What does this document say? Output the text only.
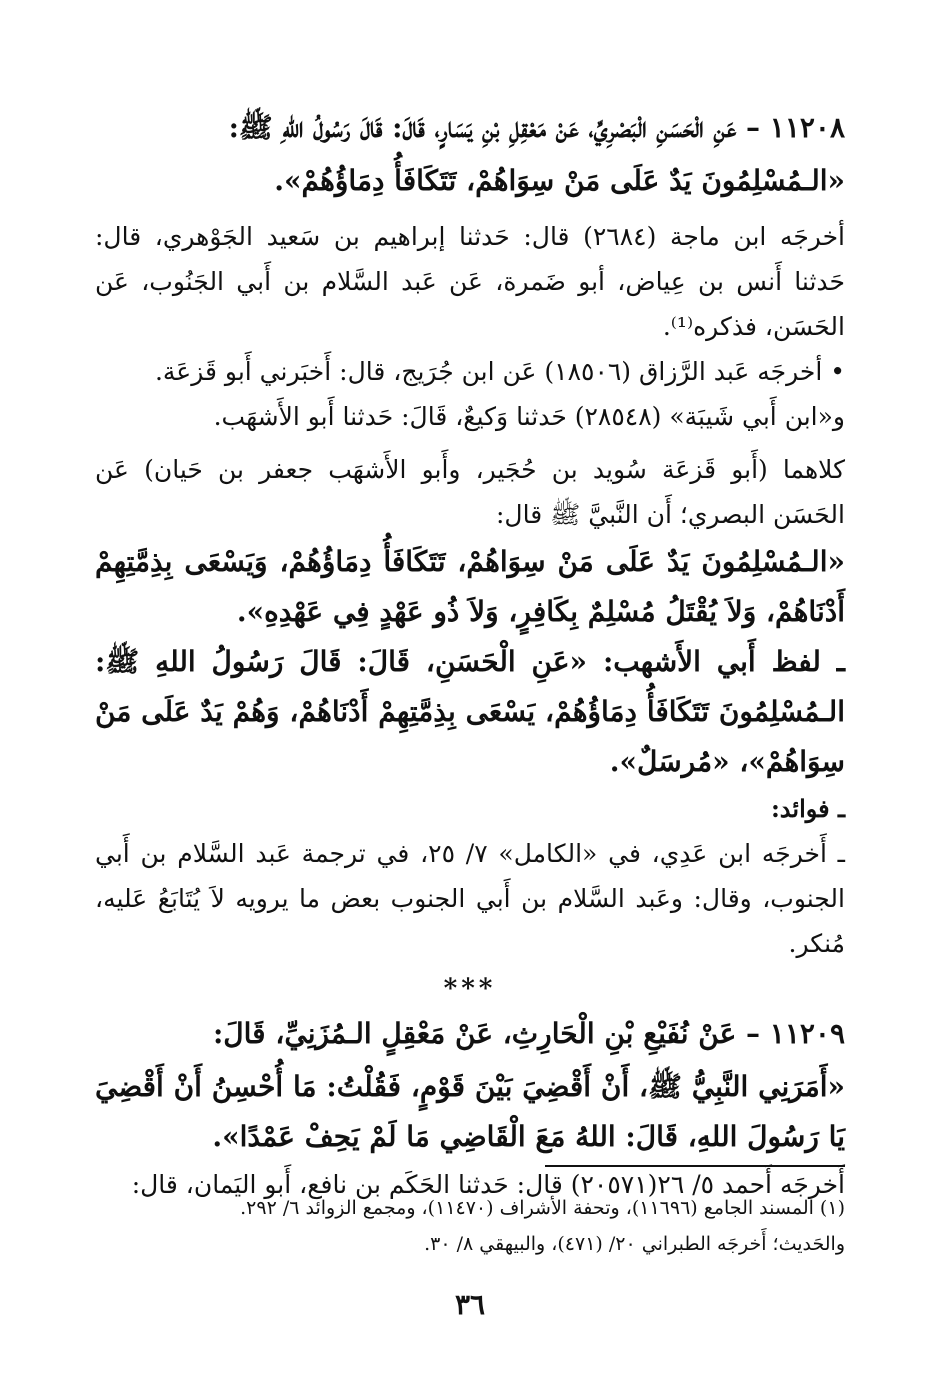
١١٢٠٨ – عَنِ الْحَسَنِ الْبَصْرِيِّ، عَنْ مَعْقِلِ بْنِ يَسَارٍ، قَالَ: قَالَ رَسُولُ اللهِ ﷺ:

«الـمُسْلِمُونَ يَدٌ عَلَى مَنْ سِوَاهُمْ، تَتَكَافَأُ دِمَاؤُهُمْ».

أخرجَه ابن ماجة (٢٦٨٤) قال: حَدثنا إبراهيم بن سَعيد الجَوْهري، قال: حَدثنا أَنس بن عِياض، أبو ضَمرة، عَن عَبد السَّلام بن أَبي الجَنُوب، عَن الحَسَن، فذكره⁽¹⁾.

• أخرجَه عَبد الرَّزاق (١٨٥٠٦) عَن ابن جُرَيج، قال: أَخبَرني أَبو قَزعَة.

و«ابن أَبي شَيبَة» (٢٨٥٤٨) حَدثنا وَكيعٌ، قَالَ: حَدثنا أَبو الأَشهَب.

كلاهما (أَبو قَزعَة سُويد بن حُجَير، وأَبو الأَشهَب جعفر بن حَيان) عَن الحَسَن البصري؛ أَن النَّبيَّ ﷺ قال:

«الـمُسْلِمُونَ يَدٌ عَلَى مَنْ سِوَاهُمْ، تَتَكَافَأُ دِمَاؤُهُمْ، وَيَسْعَى بِذِمَّتِهِمْ أَدْنَاهُمْ، وَلاَ يُقْتَلُ مُسْلِمٌ بِكَافِرٍ، وَلاَ ذُو عَهْدٍ فِي عَهْدِهِ».

ـ لفظ أَبي الأَشهب: «عَنِ الْحَسَنِ، قَالَ: قَالَ رَسُولُ اللهِ ﷺ: الـمُسْلِمُونَ تَتَكَافَأُ دِمَاؤُهُمْ، يَسْعَى بِذِمَّتِهِمْ أَدْنَاهُمْ، وَهُمْ يَدٌ عَلَى مَنْ سِوَاهُمْ»، «مُرسَلٌ».

ـ فوائد:

ـ أَخرجَه ابن عَدِي، في «الكامل» ٧/ ٢٥، في ترجمة عَبد السَّلام بن أَبي الجنوب، وقال: وعَبد السَّلام بن أَبي الجنوب بعض ما يرويه لاَ يُتَابَعُ عَليه، مُنكر.

***

١١٢٠٩ – عَنْ نُفَيْعِ بْنِ الْحَارِثِ، عَنْ مَعْقِلٍ الـمُزَنِيِّ، قَالَ:

«أَمَرَنِي النَّبِيُّ ﷺ، أَنْ أَقْضِيَ بَيْنَ قَوْمٍ، فَقُلْتُ: مَا أُحْسِنُ أَنْ أَقْضِيَ يَا رَسُولَ اللهِ، قَالَ: اللهُ مَعَ الْقَاضِي مَا لَمْ يَحِفْ عَمْدًا».

أَخرجَه أَحمد ٥/ ٢٦(٢٠٥٧١) قال: حَدثنا الحَكَم بن نافع، أَبو اليَمان، قال:

(١) المسند الجامع (١١٦٩٦)، وتحفة الأشراف (١١٤٧٠)، ومجمع الزوائد ٦/ ٢٩٢.
والحَديث؛ أَخرجَه الطبراني ٢٠/ (٤٧١)، والبيهقي ٨/ ٣٠.
٣٦
